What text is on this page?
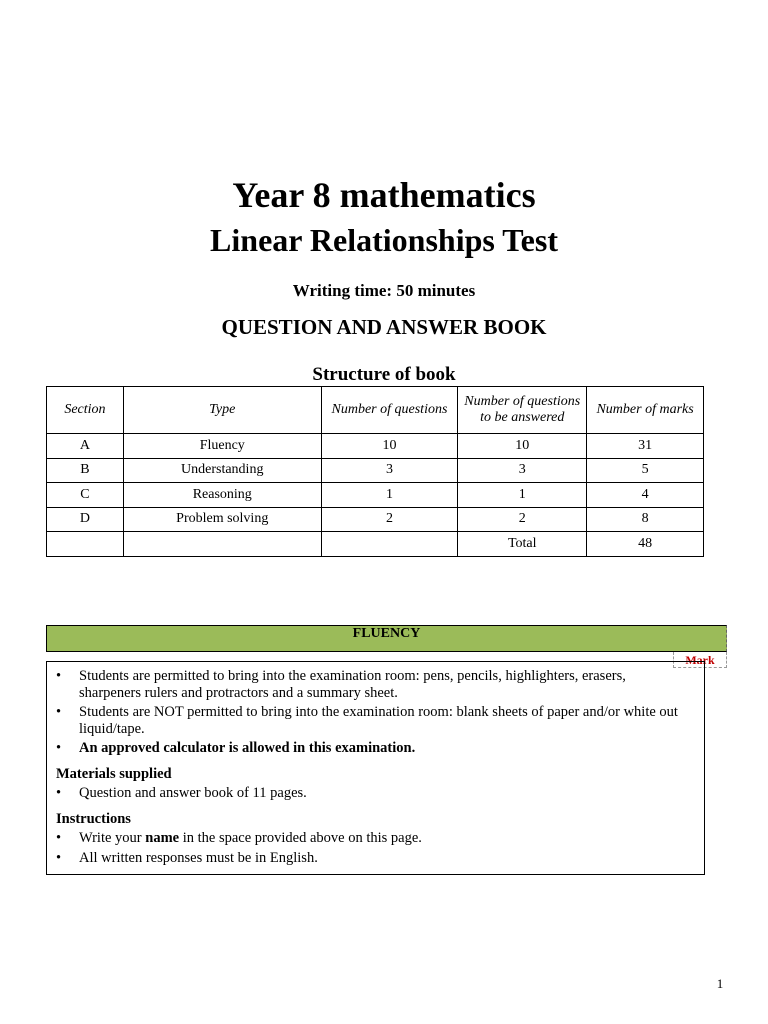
Year 8 mathematics
Linear Relationships Test
Writing time: 50 minutes
QUESTION AND ANSWER BOOK
Structure of book
Section	Type	Number of questions	Number of questions to be answered	Number of marks
A	Fluency	10	10	31
B	Understanding	3	3	5
C	Reasoning	1	1	4
D	Problem solving	2	2	8
			Total	48
FLUENCY
Mark
• Students are permitted to bring into the examination room: pens, pencils, highlighters, erasers, sharpeners rulers and protractors and a summary sheet.
• Students are NOT permitted to bring into the examination room: blank sheets of paper and/or white out liquid/tape.
• An approved calculator is allowed in this examination.
Materials supplied
• Question and answer book of 11 pages.
Instructions
• Write your name in the space provided above on this page.
• All written responses must be in English.
1
